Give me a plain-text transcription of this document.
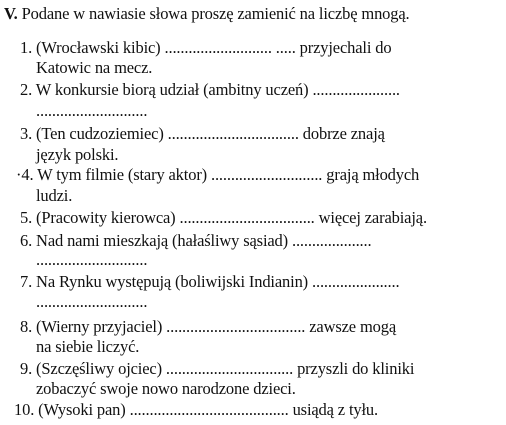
V. Podane w nawiasie słowa proszę zamienić na liczbę mnogą.
1. (Wrocławski kibic) ........................... ..... przyjechali do
Katowic na mecz.
2. W konkursie biorą udział (ambitny uczeń) ......................
............................
3. (Ten cudzoziemiec) ................................. dobrze znają
język polski.
·4. W tym filmie (stary aktor) ............................ grają młodych
ludzi.
5. (Pracowity kierowca) .................................. więcej zarabiają.
6. Nad nami mieszkają (hałaśliwy sąsiad) ....................
............................
7. Na Rynku występują (boliwijski Indianin) ......................
............................
8. (Wierny przyjaciel) ................................... zawsze mogą
na siebie liczyć.
9. (Szczęśliwy ojciec) ................................ przyszli do kliniki
zobaczyć swoje nowo narodzone dzieci.
10. (Wysoki pan) ........................................ usiądą z tyłu.
